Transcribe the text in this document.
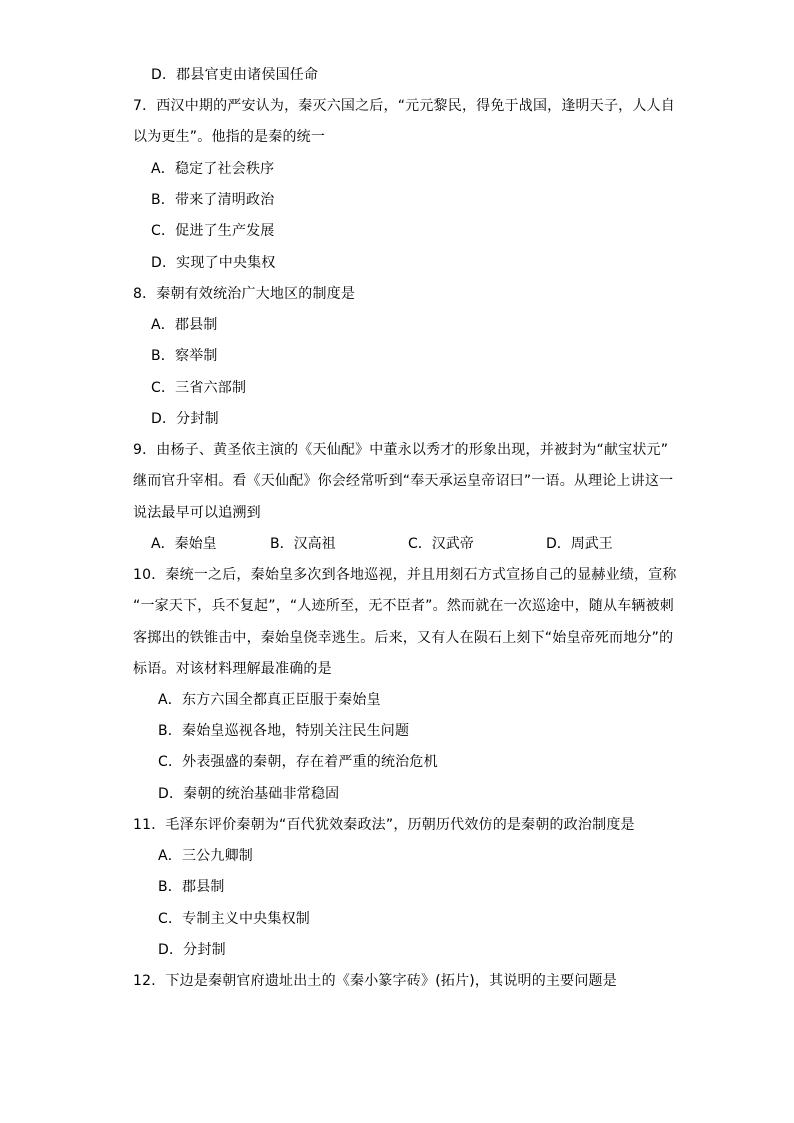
D．郡县官吏由诸侯国任命
7．西汉中期的严安认为，秦灭六国之后，“元元黎民，得免于战国，逢明天子，人人自
以为更生”。他指的是秦的统一
A．稳定了社会秩序
B．带来了清明政治
C．促进了生产发展
D．实现了中央集权
8．秦朝有效统治广大地区的制度是
A．郡县制
B．察举制
C．三省六部制
D．分封制
9．由杨子、黄圣依主演的《天仙配》中董永以秀才的形象出现，并被封为“献宝状元”
继而官升宰相。看《天仙配》你会经常听到“奉天承运皇帝诏曰”一语。从理论上讲这一
说法最早可以追溯到
A．秦始皇	B．汉高祖	C．汉武帝	D．周武王
10．秦统一之后，秦始皇多次到各地巡视，并且用刻石方式宣扬自己的显赫业绩，宣称
“一家天下，兵不复起”，“人迹所至，无不臣者”。然而就在一次巡途中，随从车辆被刺
客掷出的铁锥击中，秦始皇侥幸逃生。后来，又有人在陨石上刻下“始皇帝死而地分”的
标语。对该材料理解最准确的是
A．东方六国全都真正臣服于秦始皇
B．秦始皇巡视各地，特别关注民生问题
C．外表强盛的秦朝，存在着严重的统治危机
D．秦朝的统治基础非常稳固
11．毛泽东评价秦朝为“百代犹效秦政法”，历朝历代效仿的是秦朝的政治制度是
A．三公九卿制
B．郡县制
C．专制主义中央集权制
D．分封制
12．下边是秦朝官府遗址出土的《秦小篆字砖》(拓片)，其说明的主要问题是
